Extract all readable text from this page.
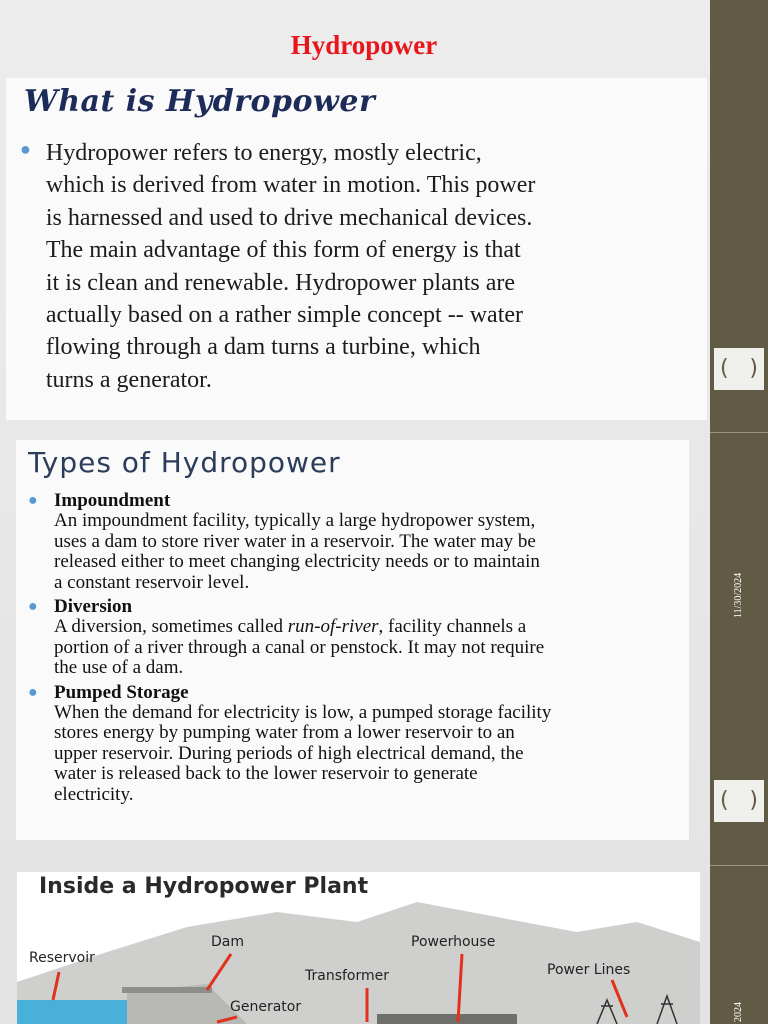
( )
( )
11/30/2024
2024
Hydropower
What is Hydropower
● Hydropower refers to energy, mostly electric,
which is derived from water in motion. This power
is harnessed and used to drive mechanical devices.
The main advantage of this form of energy is that
it is clean and renewable. Hydropower plants are
actually based on a rather simple concept -- water
flowing through a dam turns a turbine, which
turns a generator.
Types of Hydropower
● Impoundment
An impoundment facility, typically a large hydropower system,
uses a dam to store river water in a reservoir. The water may be
released either to meet changing electricity needs or to maintain
a constant reservoir level.
● Diversion
A diversion, sometimes called run-of-river, facility channels a
portion of a river through a canal or penstock. It may not require
the use of a dam.
● Pumped Storage
When the demand for electricity is low, a pumped storage facility
stores energy by pumping water from a lower reservoir to an
upper reservoir. During periods of high electrical demand, the
water is released back to the lower reservoir to generate
electricity.
Inside a Hydropower Plant
Reservoir
Dam	Powerhouse
Transformer	Power Lines
Generator
